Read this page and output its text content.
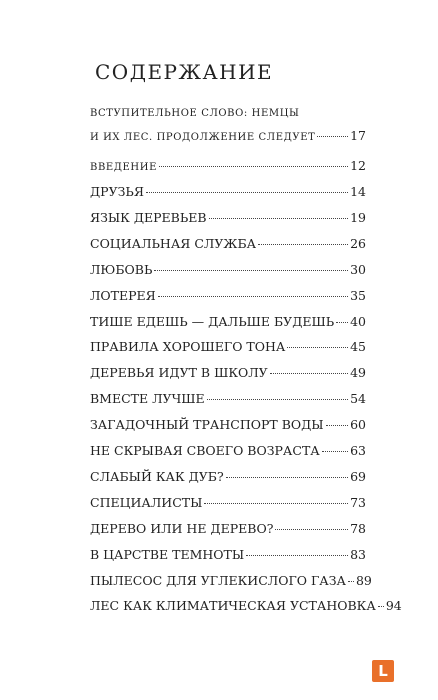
СОДЕРЖАНИЕ
ВСТУПИТЕЛЬНОЕ СЛОВО: НЕМЦЫ
И ИХ ЛЕС. ПРОДОЛЖЕНИЕ СЛЕДУЕТ	17
ВВЕДЕНИЕ	12
ДРУЗЬЯ	14
ЯЗЫК ДЕРЕВЬЕВ	19
СОЦИАЛЬНАЯ СЛУЖБА	26
ЛЮБОВЬ	30
ЛОТЕРЕЯ	35
ТИШЕ ЕДЕШЬ — ДАЛЬШЕ БУДЕШЬ 40
ПРАВИЛА ХОРОШЕГО ТОНА	45
ДЕРЕВЬЯ ИДУТ В ШКОЛУ	49
ВМЕСТЕ ЛУЧШЕ	54
ЗАГАДОЧНЫЙ ТРАНСПОРТ ВОДЫ 60
НЕ СКРЫВАЯ СВОЕГО ВОЗРАСТА 63
СЛАБЫЙ КАК ДУБ?	69
СПЕЦИАЛИСТЫ	73
ДЕРЕВО ИЛИ НЕ ДЕРЕВО?	78
В ЦАРСТВЕ ТЕМНОТЫ	83
ПЫЛЕСОС ДЛЯ УГЛЕКИСЛОГО ГАЗА 89
ЛЕС КАК КЛИМАТИЧЕСКАЯ УСТАНОВКА 94
L
